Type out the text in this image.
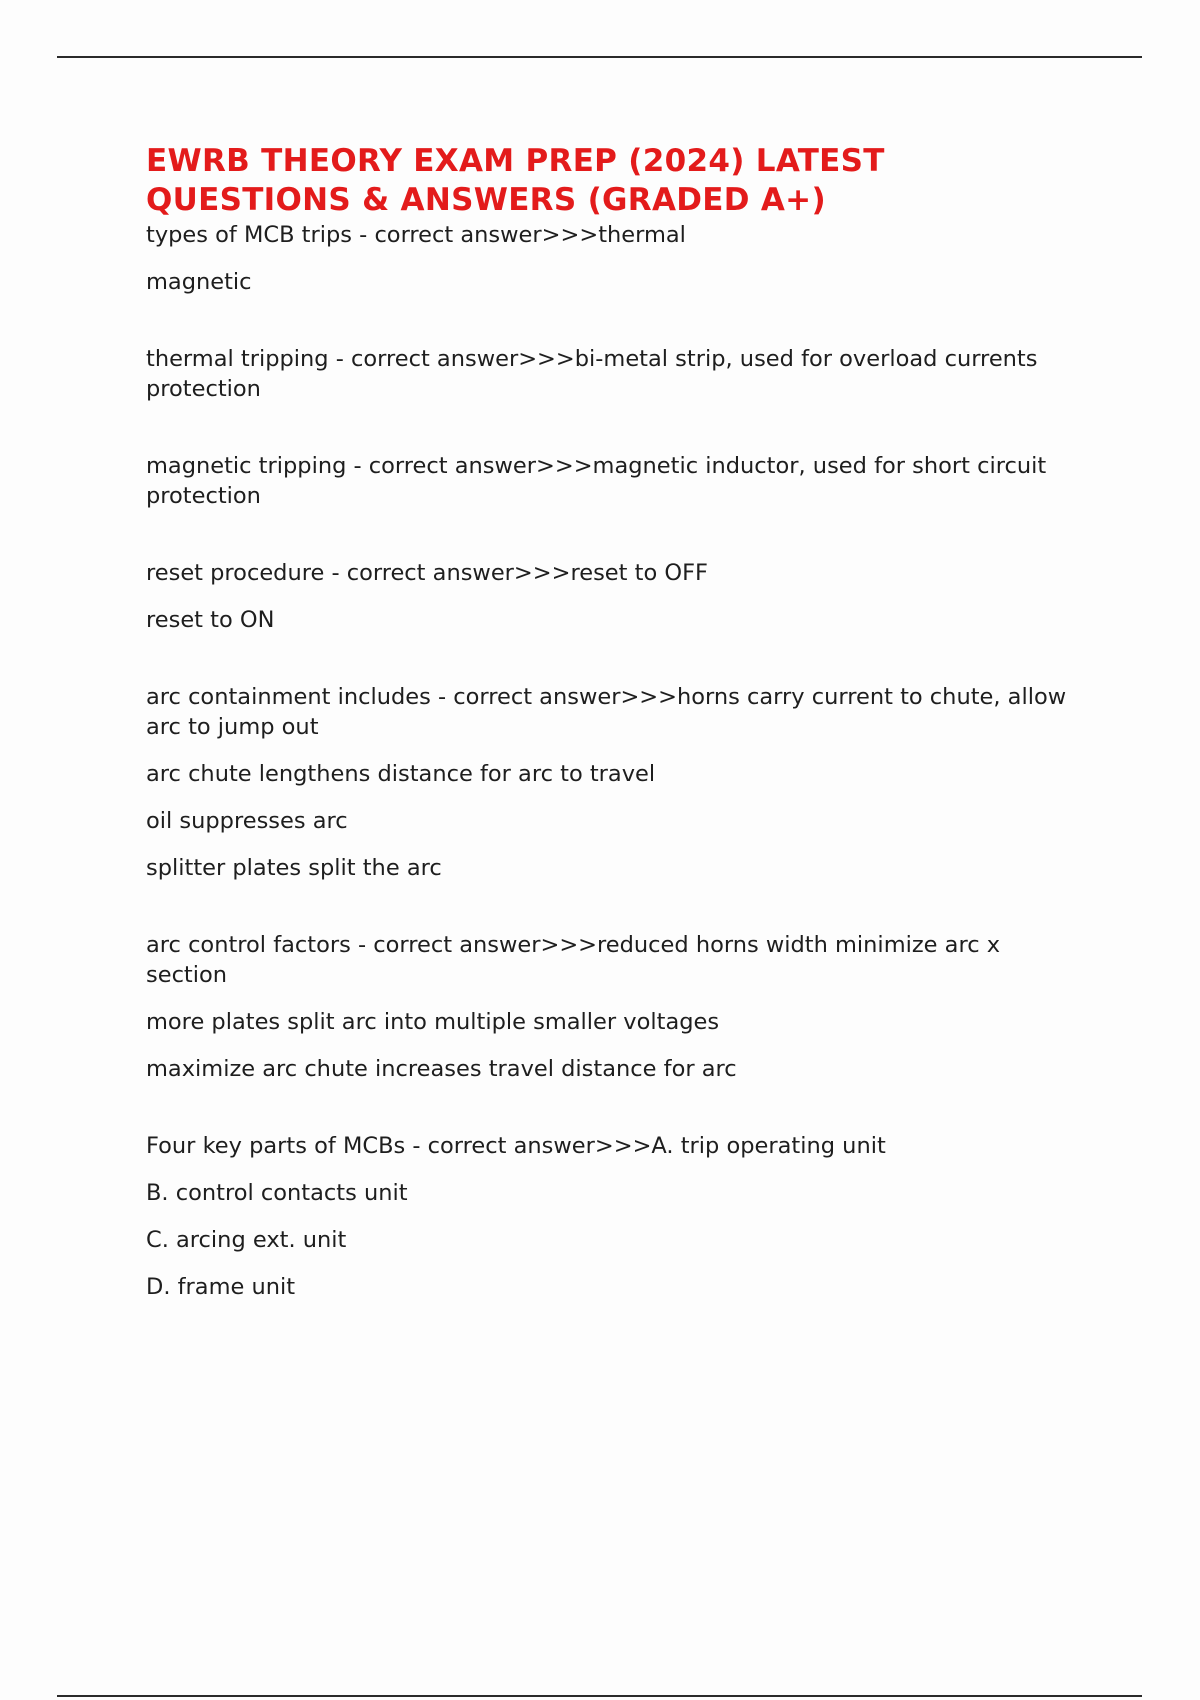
EWRB THEORY EXAM PREP (2024) LATEST
QUESTIONS & ANSWERS (GRADED A+)

types of MCB trips - correct answer>>>thermal

magnetic

thermal tripping - correct answer>>>bi-metal strip, used for overload currents protection

magnetic tripping - correct answer>>>magnetic inductor, used for short circuit protection

reset procedure - correct answer>>>reset to OFF

reset to ON

arc containment includes - correct answer>>>horns carry current to chute, allow arc to jump out

arc chute lengthens distance for arc to travel

oil suppresses arc

splitter plates split the arc

arc control factors - correct answer>>>reduced horns width minimize arc x section

more plates split arc into multiple smaller voltages

maximize arc chute increases travel distance for arc

Four key parts of MCBs - correct answer>>>A. trip operating unit

B. control contacts unit

C. arcing ext. unit

D. frame unit
